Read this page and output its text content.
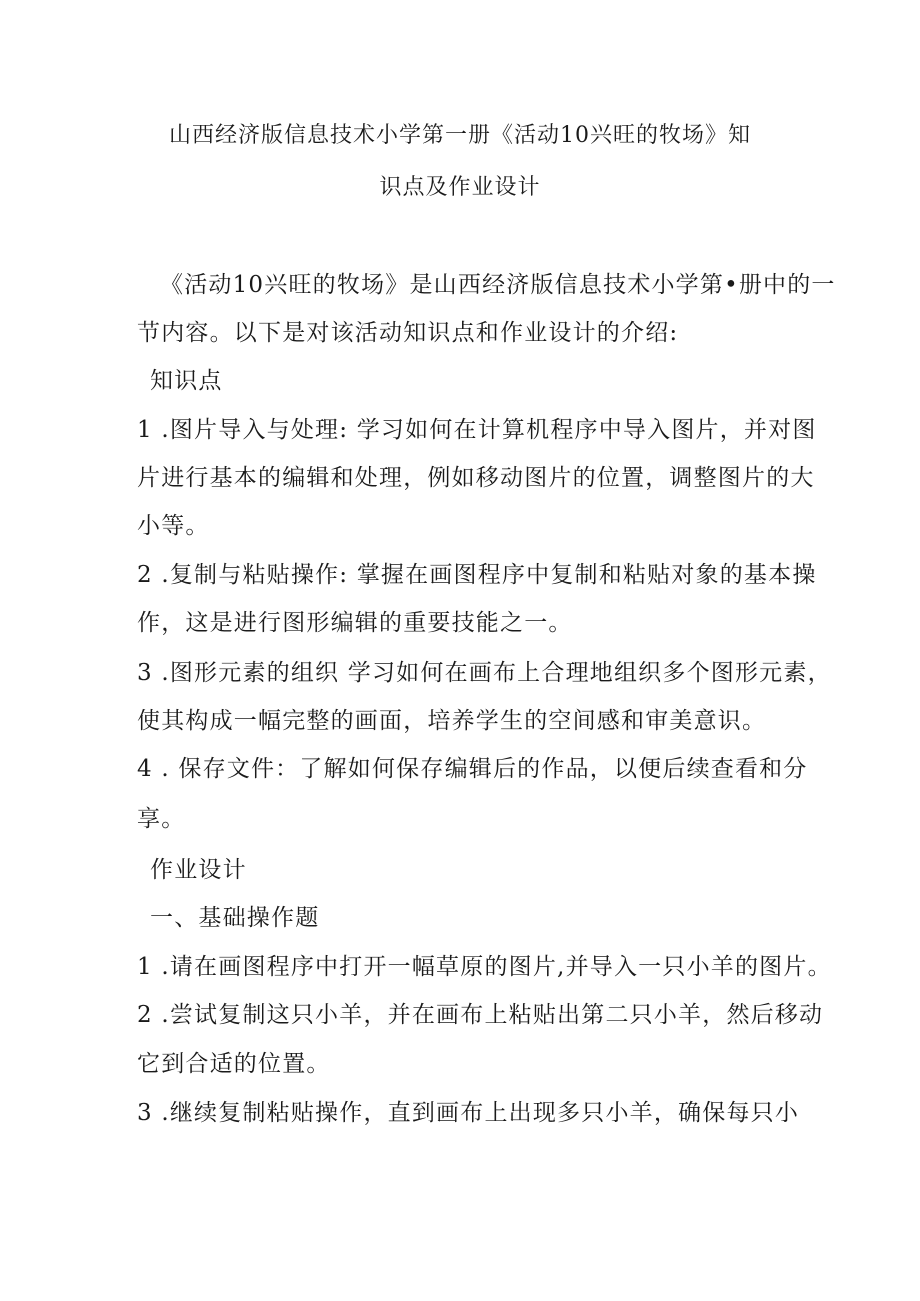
山西经济版信息技术小学第一册《活动10兴旺的牧场》知
识点及作业设计
《活动10兴旺的牧场》是山西经济版信息技术小学第•册中的一
节内容。以下是对该活动知识点和作业设计的介绍:
知识点
1 .图片导入与处理: 学习如何在计算机程序中导入图片，并对图
片进行基本的编辑和处理，例如移动图片的位置，调整图片的大
小等。
2 .复制与粘贴操作: 掌握在画图程序中复制和粘贴对象的基本操
作，这是进行图形编辑的重要技能之一。
3 .图形元素的组织 学习如何在画布上合理地组织多个图形元素，
使其构成一幅完整的画面，培养学生的空间感和审美意识。
4 . 保存文件：了解如何保存编辑后的作品，以便后续查看和分
享。
作业设计
一、基础操作题
1 .请在画图程序中打开一幅草原的图片,并导入一只小羊的图片。
2 .尝试复制这只小羊，并在画布上粘贴出第二只小羊，然后移动
它到合适的位置。
3 .继续复制粘贴操作，直到画布上出现多只小羊，确保每只小
